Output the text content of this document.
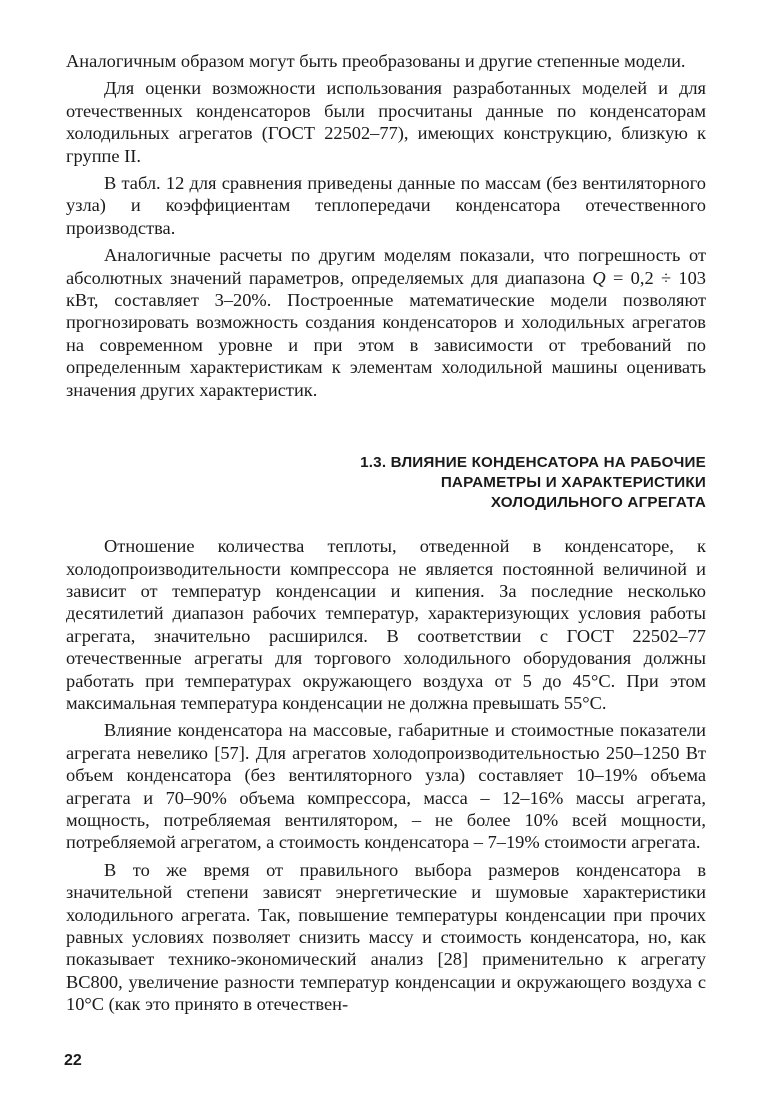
Аналогичным образом могут быть преобразованы и другие степенные модели.

Для оценки возможности использования разработанных моделей и для отечественных конденсаторов были просчитаны данные по конденсаторам холодильных агрегатов (ГОСТ 22502–77), имеющих конструкцию, близкую к группе II.

В табл. 12 для сравнения приведены данные по массам (без вентиляторного узла) и коэффициентам теплопередачи конденсатора отечественного производства.

Аналогичные расчеты по другим моделям показали, что погрешность от абсолютных значений параметров, определяемых для диапазона Q = 0,2 ÷ 103 кВт, составляет 3–20%. Построенные математические модели позволяют прогнозировать возможность создания конденсаторов и холодильных агрегатов на современном уровне и при этом в зависимости от требований по определенным характеристикам к элементам холодильной машины оценивать значения других характеристик.

1.3. ВЛИЯНИЕ КОНДЕНСАТОРА НА РАБОЧИЕ
ПАРАМЕТРЫ И ХАРАКТЕРИСТИКИ
ХОЛОДИЛЬНОГО АГРЕГАТА

Отношение количества теплоты, отведенной в конденсаторе, к холодопроизводительности компрессора не является постоянной величиной и зависит от температур конденсации и кипения. За последние несколько десятилетий диапазон рабочих температур, характеризующих условия работы агрегата, значительно расширился. В соответствии с ГОСТ 22502–77 отечественные агрегаты для торгового холодильного оборудования должны работать при температурах окружающего воздуха от 5 до 45°С. При этом максимальная температура конденсации не должна превышать 55°С.

Влияние конденсатора на массовые, габаритные и стоимостные показатели агрегата невелико [57]. Для агрегатов холодопроизводительностью 250–1250 Вт объем конденсатора (без вентиляторного узла) составляет 10–19% объема агрегата и 70–90% объема компрессора, масса – 12–16% массы агрегата, мощность, потребляемая вентилятором, – не более 10% всей мощности, потребляемой агрегатом, а стоимость конденсатора – 7–19% стоимости агрегата.

В то же время от правильного выбора размеров конденсатора в значительной степени зависят энергетические и шумовые характеристики холодильного агрегата. Так, повышение температуры конденсации при прочих равных условиях позволяет снизить массу и стоимость конденсатора, но, как показывает технико-экономический анализ [28] применительно к агрегату ВС800, увеличение разности температур конденсации и окружающего воздуха с 10°С (как это принято в отечествен-

22
